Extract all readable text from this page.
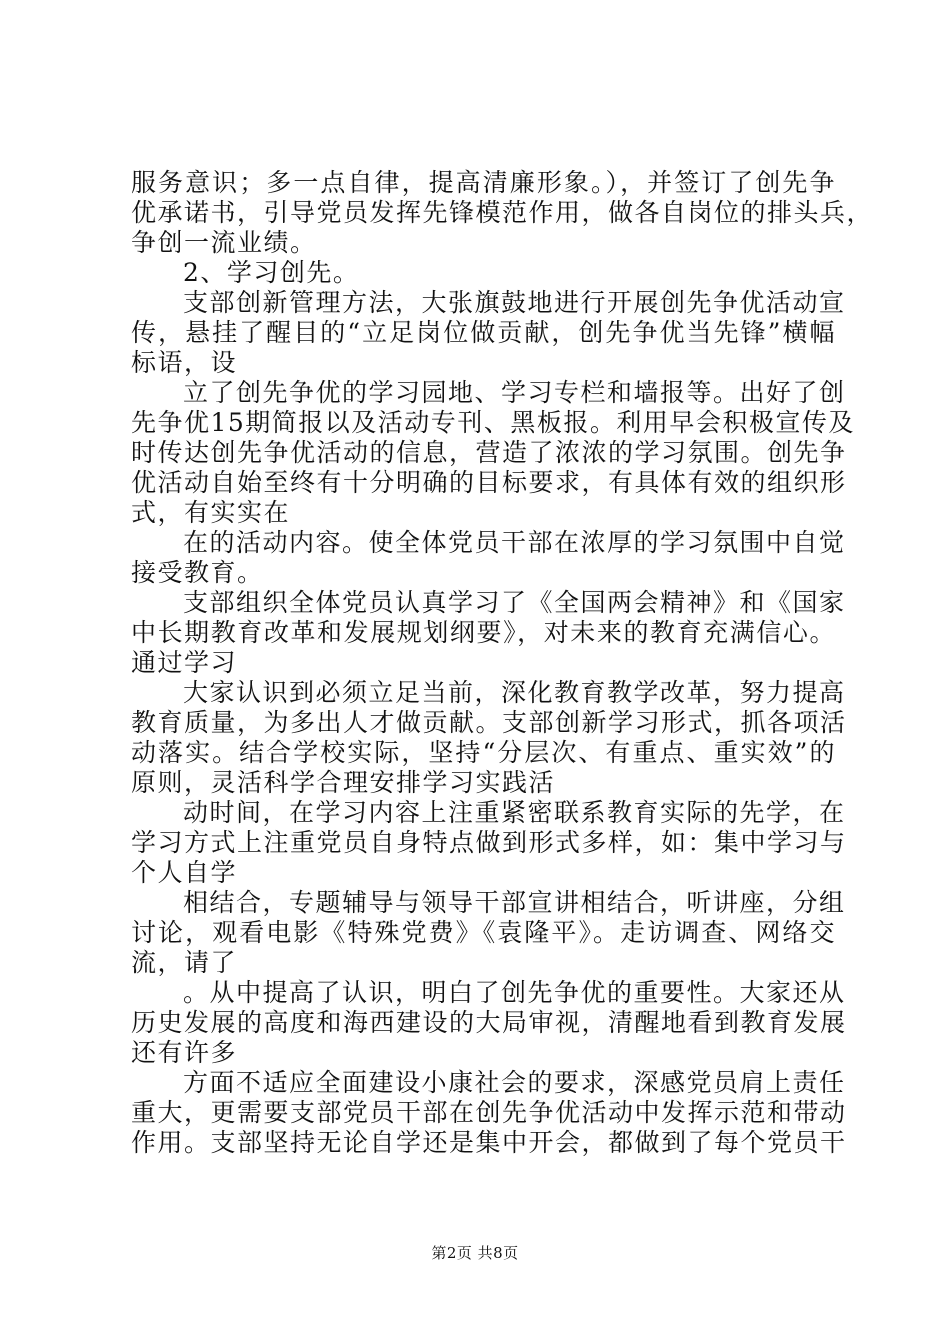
服务意识；多一点自律，提高清廉形象。），并签订了创先争
优承诺书，引导党员发挥先锋模范作用，做各自岗位的排头兵，
争创一流业绩。
2、学习创先。
支部创新管理方法，大张旗鼓地进行开展创先争优活动宣
传，悬挂了醒目的“立足岗位做贡献，创先争优当先锋”横幅
标语，设
立了创先争优的学习园地、学习专栏和墙报等。出好了创
先争优15期简报以及活动专刊、黑板报。利用早会积极宣传及
时传达创先争优活动的信息，营造了浓浓的学习氛围。创先争
优活动自始至终有十分明确的目标要求，有具体有效的组织形
式，有实实在
在的活动内容。使全体党员干部在浓厚的学习氛围中自觉
接受教育。
支部组织全体党员认真学习了《全国两会精神》和《国家
中长期教育改革和发展规划纲要》，对未来的教育充满信心。
通过学习
大家认识到必须立足当前，深化教育教学改革，努力提高
教育质量，为多出人才做贡献。支部创新学习形式，抓各项活
动落实。结合学校实际，坚持“分层次、有重点、重实效”的
原则，灵活科学合理安排学习实践活
动时间，在学习内容上注重紧密联系教育实际的先学，在
学习方式上注重党员自身特点做到形式多样，如：集中学习与
个人自学
相结合，专题辅导与领导干部宣讲相结合，听讲座，分组
讨论，观看电影《特殊党费》《袁隆平》。走访调查、网络交
流，请了
。从中提高了认识，明白了创先争优的重要性。大家还从
历史发展的高度和海西建设的大局审视，清醒地看到教育发展
还有许多
方面不适应全面建设小康社会的要求，深感党员肩上责任
重大，更需要支部党员干部在创先争优活动中发挥示范和带动
作用。支部坚持无论自学还是集中开会，都做到了每个党员干
第2页 共8页
